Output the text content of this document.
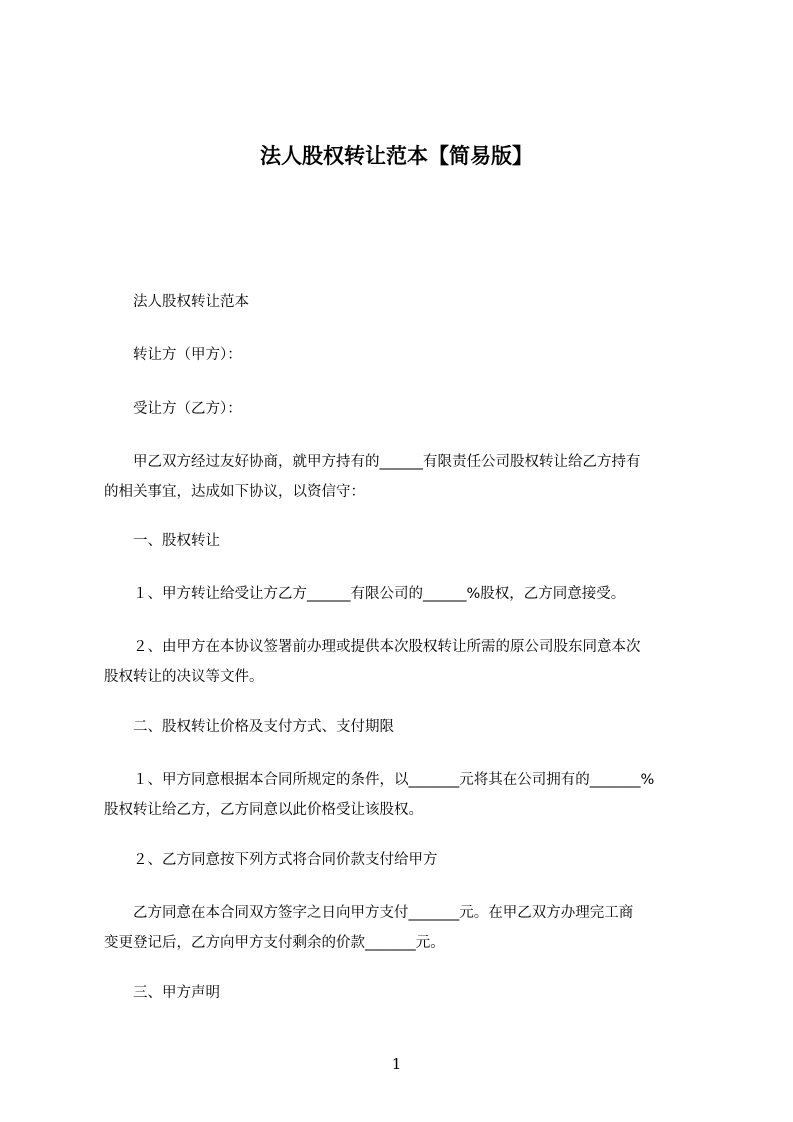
法人股权转让范本【简易版】
　　法人股权转让范本
　　转让方（甲方）：
　　受让方（乙方）：
　　甲乙双方经过友好协商，就甲方持有的______有限责任公司股权转让给乙方持有
的相关事宜，达成如下协议，以资信守：
　　一、股权转让
　　１、甲方转让给受让方乙方______有限公司的______%股权，乙方同意接受。
　　２、由甲方在本协议签署前办理或提供本次股权转让所需的原公司股东同意本次
股权转让的决议等文件。
　　二、股权转让价格及支付方式、支付期限
　　１、甲方同意根据本合同所规定的条件，以_______元将其在公司拥有的_______%
股权转让给乙方，乙方同意以此价格受让该股权。
　　２、乙方同意按下列方式将合同价款支付给甲方
　　乙方同意在本合同双方签字之日向甲方支付_______元。在甲乙双方办理完工商
变更登记后，乙方向甲方支付剩余的价款_______元。
　　三、甲方声明
1
